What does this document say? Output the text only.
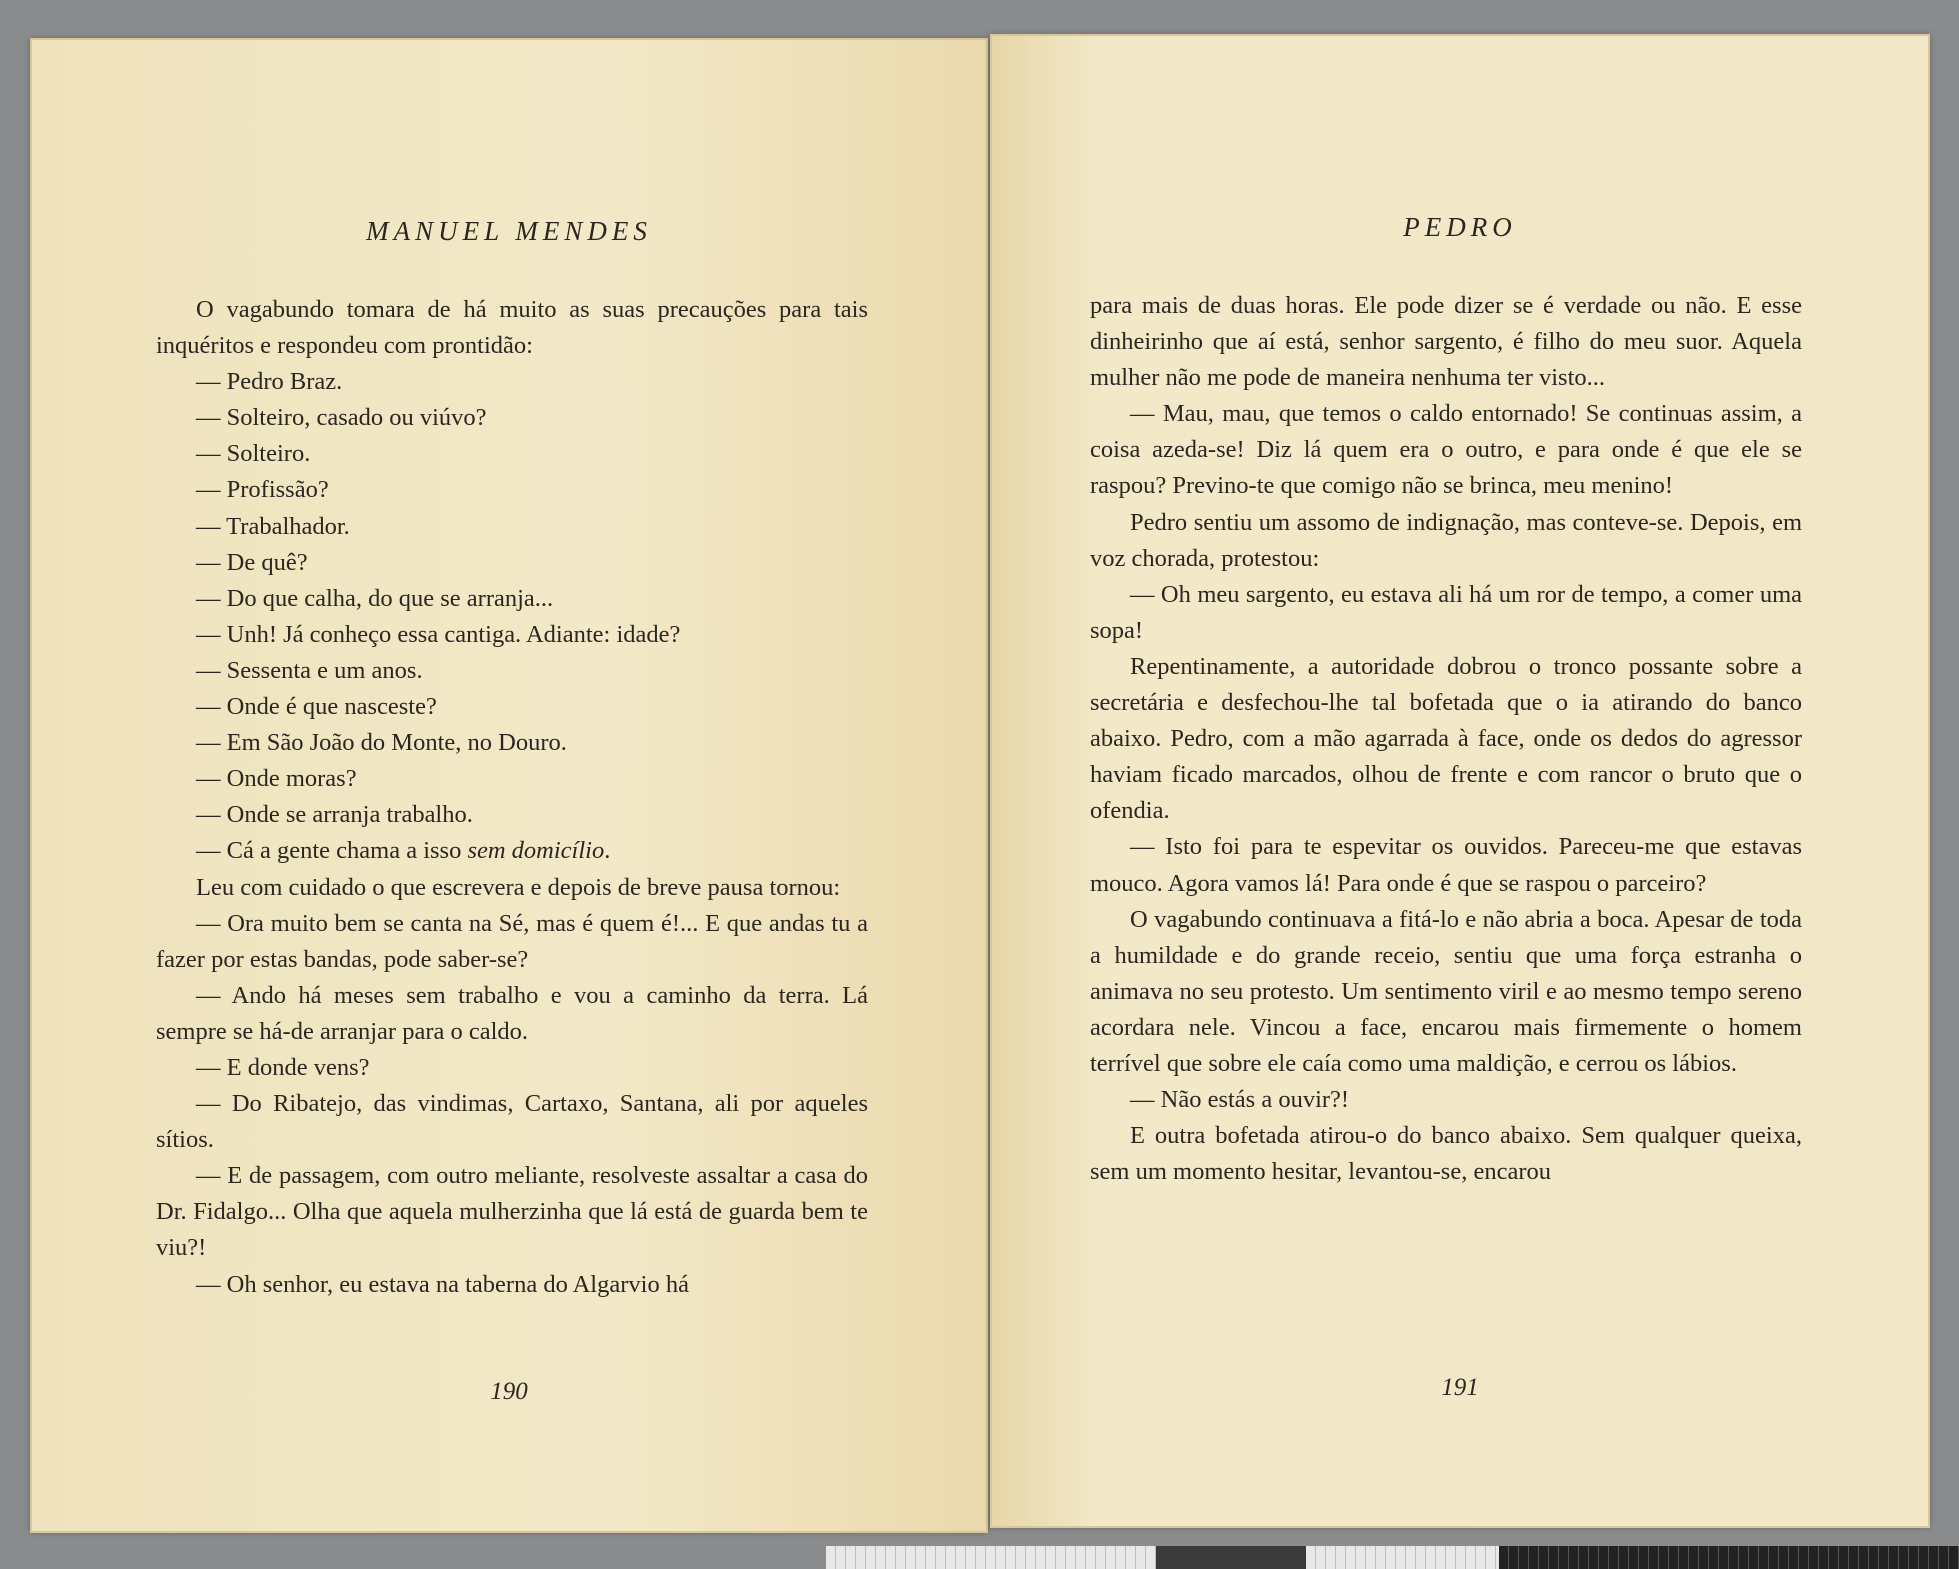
MANUEL MENDES

O vagabundo tomara de há muito as suas precauções para tais inquéritos e respondeu com prontidão:

— Pedro Braz.

— Solteiro, casado ou viúvo?

— Solteiro.

— Profissão?

— Trabalhador.

— De quê?

— Do que calha, do que se arranja...

— Unh! Já conheço essa cantiga. Adiante: idade?

— Sessenta e um anos.

— Onde é que nasceste?

— Em São João do Monte, no Douro.

— Onde moras?

— Onde se arranja trabalho.

— Cá a gente chama a isso sem domicílio.

Leu com cuidado o que escrevera e depois de breve pausa tornou:

— Ora muito bem se canta na Sé, mas é quem é!... E que andas tu a fazer por estas bandas, pode saber-se?

— Ando há meses sem trabalho e vou a caminho da terra. Lá sempre se há-de arranjar para o caldo.

— E donde vens?

— Do Ribatejo, das vindimas, Cartaxo, Santana, ali por aqueles sítios.

— E de passagem, com outro meliante, resolveste assaltar a casa do Dr. Fidalgo... Olha que aquela mulherzinha que lá está de guarda bem te viu?!

— Oh senhor, eu estava na taberna do Algarvio há

190
PEDRO

para mais de duas horas. Ele pode dizer se é verdade ou não. E esse dinheirinho que aí está, senhor sargento, é filho do meu suor. Aquela mulher não me pode de maneira nenhuma ter visto...

— Mau, mau, que temos o caldo entornado! Se continuas assim, a coisa azeda-se! Diz lá quem era o outro, e para onde é que ele se raspou? Previno-te que comigo não se brinca, meu menino!

Pedro sentiu um assomo de indignação, mas conteve-se. Depois, em voz chorada, protestou:

— Oh meu sargento, eu estava ali há um ror de tempo, a comer uma sopa!

Repentinamente, a autoridade dobrou o tronco possante sobre a secretária e desfechou-lhe tal bofetada que o ia atirando do banco abaixo. Pedro, com a mão agarrada à face, onde os dedos do agressor haviam ficado marcados, olhou de frente e com rancor o bruto que o ofendia.

— Isto foi para te espevitar os ouvidos. Pareceu-me que estavas mouco. Agora vamos lá! Para onde é que se raspou o parceiro?

O vagabundo continuava a fitá-lo e não abria a boca. Apesar de toda a humildade e do grande receio, sentiu que uma força estranha o animava no seu protesto. Um sentimento viril e ao mesmo tempo sereno acordara nele. Vincou a face, encarou mais firmemente o homem terrível que sobre ele caía como uma maldição, e cerrou os lábios.

— Não estás a ouvir?!

E outra bofetada atirou-o do banco abaixo. Sem qualquer queixa, sem um momento hesitar, levantou-se, encarou

191
